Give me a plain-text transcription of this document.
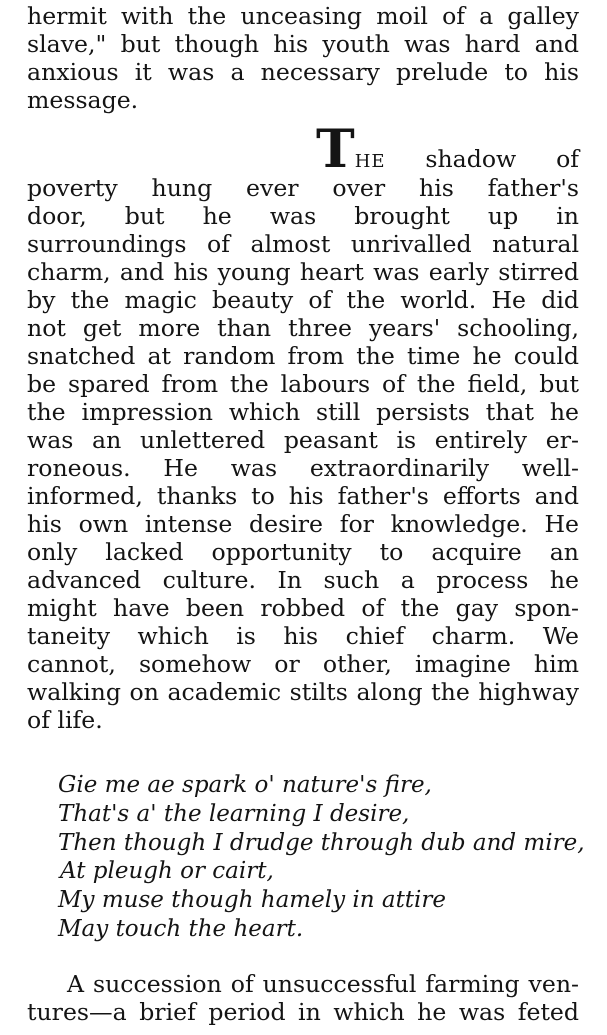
hermit with the unceasing moil of a galley
slave," but though his youth was hard and
anxious it was a necessary prelude to his
message.
THE shadow of
poverty hung ever over his father's
door, but he was brought up in
surroundings of almost unrivalled natural
charm, and his young heart was early stirred
by the magic beauty of the world. He did
not get more than three years' schooling,
snatched at random from the time he could
be spared from the labours of the field, but
the impression which still persists that he
was an unlettered peasant is entirely er-
roneous. He was extraordinarily well-
informed, thanks to his father's efforts and
his own intense desire for knowledge. He
only lacked opportunity to acquire an
advanced culture. In such a process he
might have been robbed of the gay spon-
taneity which is his chief charm. We
cannot, somehow or other, imagine him
walking on academic stilts along the highway
of life.
Gie me ae spark o' nature's fire,
That's a' the learning I desire,
Then though I drudge through dub and mire,
At pleugh or cairt,
My muse though hamely in attire
May touch the heart.
A succession of unsuccessful farming ven-
tures—a brief period in which he was feted
